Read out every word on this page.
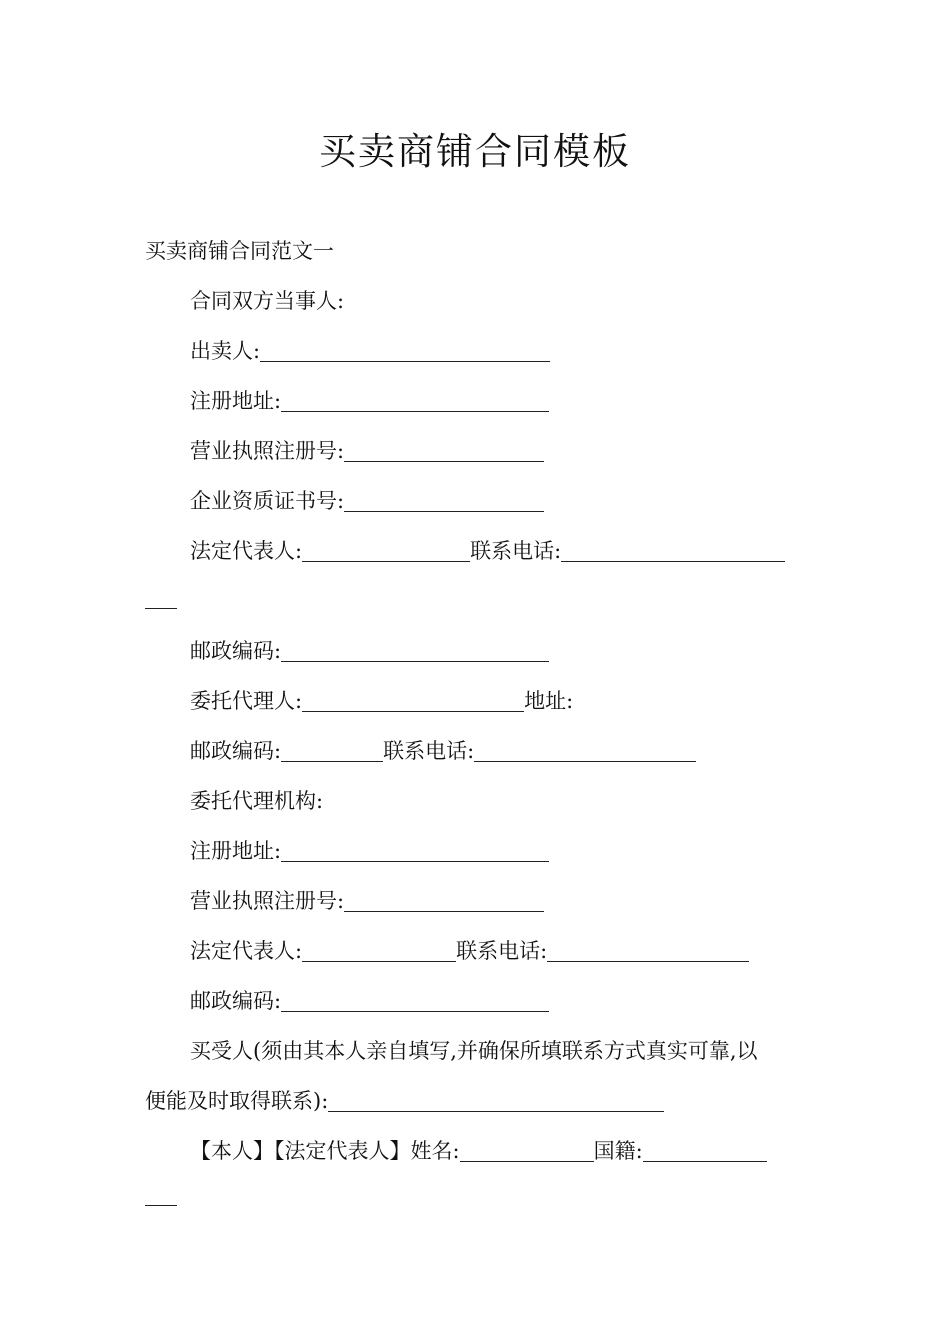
买卖商铺合同模板
买卖商铺合同范文一
合同双方当事人:
出卖人:
注册地址:
营业执照注册号:
企业资质证书号:
法定代表人:	联系电话:
邮政编码:
委托代理人:	地址:
邮政编码:	联系电话:
委托代理机构:
注册地址:
营业执照注册号:
法定代表人:	联系电话:
邮政编码:
买受人(须由其本人亲自填写,并确保所填联系方式真实可靠,以
便能及时取得联系):
【本人】【法定代表人】姓名:	国籍:
